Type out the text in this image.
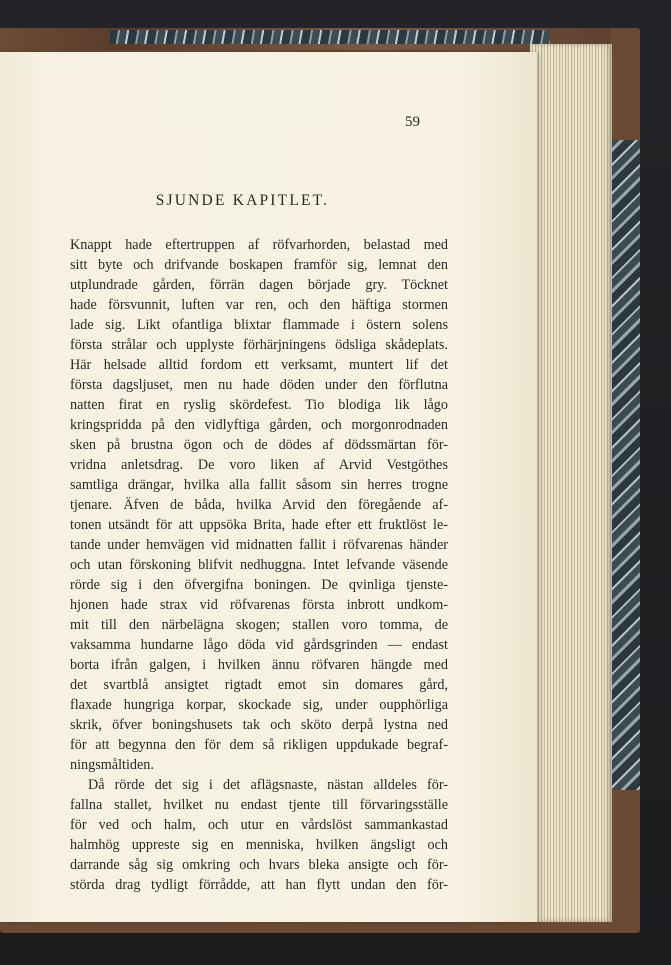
59
SJUNDE KAPITLET.
Knappt hade eftertruppen af röfvarhorden, belastad med
sitt byte och drifvande boskapen framför sig, lemnat den
utplundrade gården, förrän dagen började gry. Töcknet
hade försvunnit, luften var ren, och den häftiga stormen
lade sig. Likt ofantliga blixtar flammade i östern solens
första strålar och upplyste förhärjningens ödsliga skådeplats.
Här helsade alltid fordom ett verksamt, muntert lif det
första dagsljuset, men nu hade döden under den förflutna
natten firat en ryslig skördefest. Tio blodiga lik lågo
kringspridda på den vidlyftiga gården, och morgonrodnaden
sken på brustna ögon och de dödes af dödssmärtan för-
vridna anletsdrag. De voro liken af Arvid Vestgöthes
samtliga drängar, hvilka alla fallit såsom sin herres trogne
tjenare. Äfven de båda, hvilka Arvid den föregående af-
tonen utsändt för att uppsöka Brita, hade efter ett fruktlöst le-
tande under hemvägen vid midnatten fallit i röfvarenas händer
och utan förskoning blifvit nedhuggna. Intet lefvande väsende
rörde sig i den öfvergifna boningen. De qvinliga tjenste-
hjonen hade strax vid röfvarenas första inbrott undkom-
mit till den närbelägna skogen; stallen voro tomma, de
vaksamma hundarne lågo döda vid gårdsgrinden — endast
borta ifrån galgen, i hvilken ännu röfvaren hängde med
det svartblå ansigtet rigtadt emot sin domares gård,
flaxade hungriga korpar, skockade sig, under oupphörliga
skrik, öfver boningshusets tak och sköto derpå lystna ned
för att begynna den för dem så rikligen uppdukade begraf-
ningsmåltiden.
Då rörde det sig i det aflägsnaste, nästan alldeles för-
fallna stallet, hvilket nu endast tjente till förvaringsställe
för ved och halm, och utur en vårdslöst sammankastad
halmhög uppreste sig en menniska, hvilken ängsligt och
darrande såg sig omkring och hvars bleka ansigte och för-
störda drag tydligt förrådde, att han flytt undan den för-
